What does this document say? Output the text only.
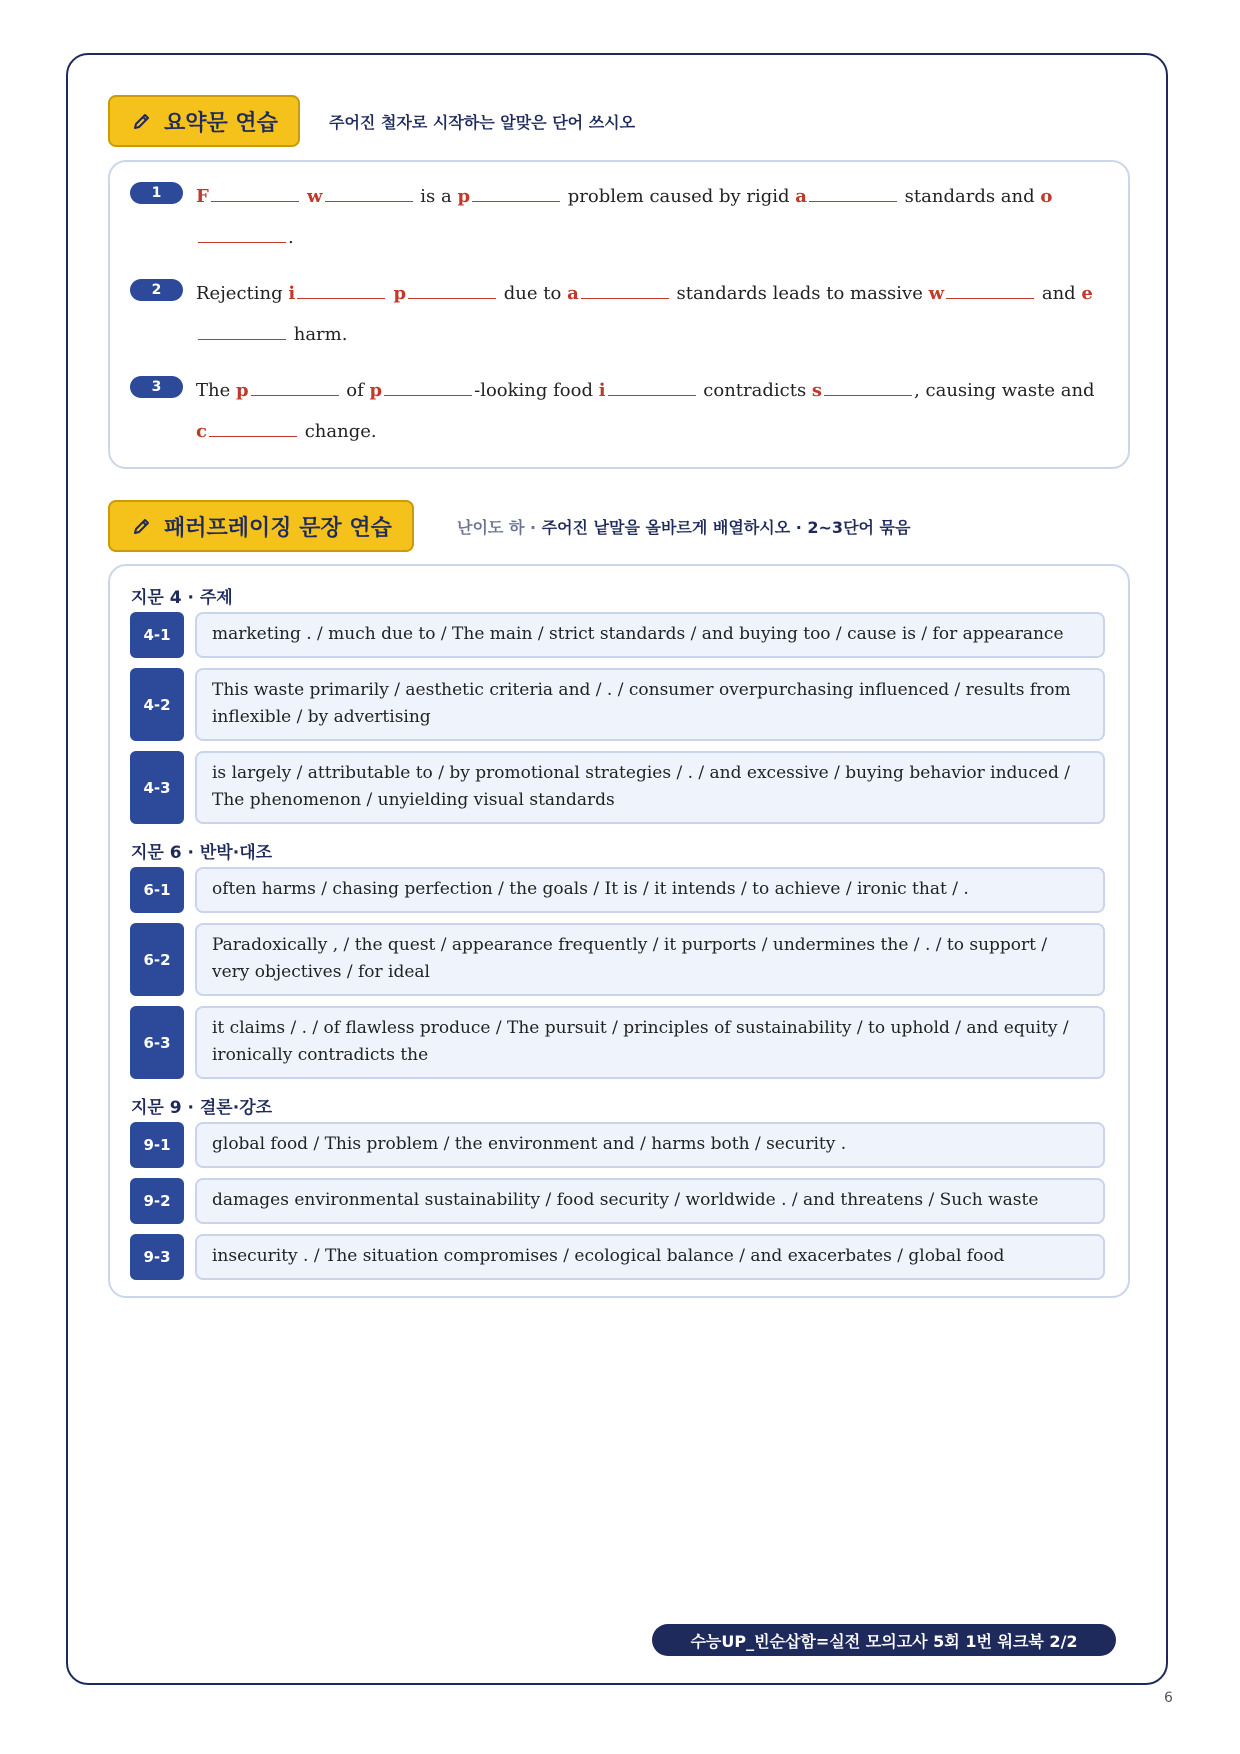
요약문 연습	주어진 철자로 시작하는 알맞은 단어 쓰시오
1	F	w	is a p	problem caused by rigid a	standards and o.
2	Rejecting i	p	due to a	standards leads to massive w	and e harm.
3	The p	of p	-looking food i	contradicts s	, causing waste and c	change.
패러프레이징 문장 연습	난이도 하 · 주어진 낱말을 올바르게 배열하시오 · 2~3단어 묶음
지문 4 · 주제
4-1	marketing . / much due to / The main / strict standards / and buying too / cause is / for appearance
4-2
This waste primarily / aesthetic criteria and / . / consumer overpurchasing influenced / results from inflexible / by advertising
4-3
is largely / attributable to / by promotional strategies / . / and excessive / buying behavior induced / The phenomenon / unyielding visual standards
지문 6 · 반박·대조
6-1	often harms / chasing perfection / the goals / It is / it intends / to achieve / ironic that / .
6-2
Paradoxically , / the quest / appearance frequently / it purports / undermines the / . / to support / very objectives / for ideal
6-3
it claims / . / of flawless produce / The pursuit / principles of sustainability / to uphold / and equity / ironically contradicts the
지문 9 · 결론·강조
9-1	global food / This problem / the environment and / harms both / security .
9-2	damages environmental sustainability / food security / worldwide . / and threatens / Such waste
9-3	insecurity . / The situation compromises / ecological balance / and exacerbates / global food
수능UP_빈순삽함=실전 모의고사 5회 1번 워크북 2/2
6
